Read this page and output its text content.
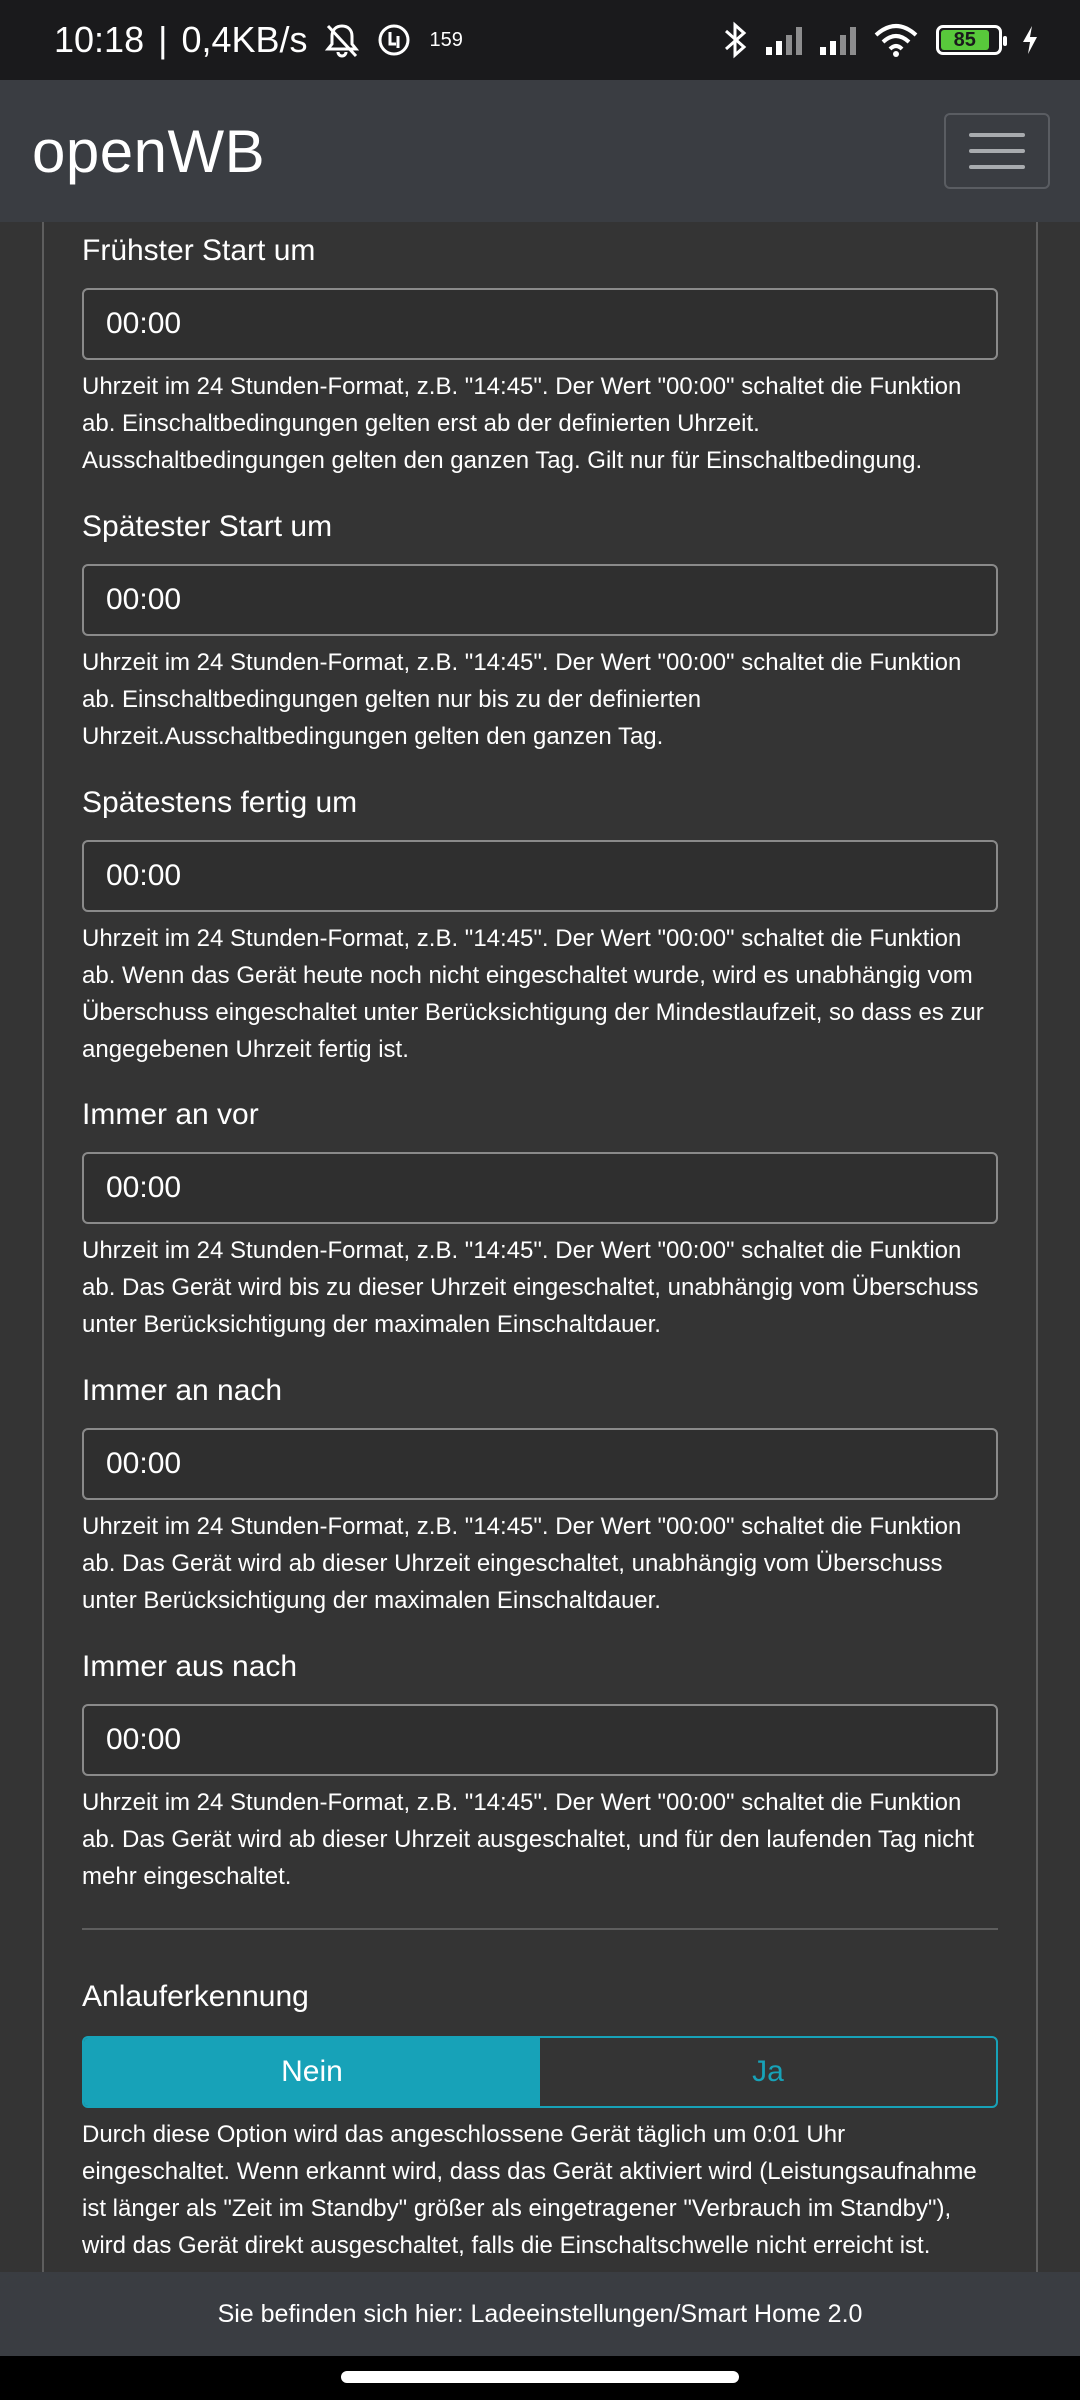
10:18 | 0,4KB/s	159	85
openWB
Frühster Start um
00:00
Uhrzeit im 24 Stunden-Format, z.B. "14:45". Der Wert "00:00" schaltet die Funktion ab. Einschaltbedingungen gelten erst ab der definierten Uhrzeit. Ausschaltbedingungen gelten den ganzen Tag. Gilt nur für Einschaltbedingung.
Spätester Start um
00:00
Uhrzeit im 24 Stunden-Format, z.B. "14:45". Der Wert "00:00" schaltet die Funktion ab. Einschaltbedingungen gelten nur bis zu der definierten Uhrzeit.Ausschaltbedingungen gelten den ganzen Tag.
Spätestens fertig um
00:00
Uhrzeit im 24 Stunden-Format, z.B. "14:45". Der Wert "00:00" schaltet die Funktion ab. Wenn das Gerät heute noch nicht eingeschaltet wurde, wird es unabhängig vom Überschuss eingeschaltet unter Berücksichtigung der Mindestlaufzeit, so dass es zur angegebenen Uhrzeit fertig ist.
Immer an vor
00:00
Uhrzeit im 24 Stunden-Format, z.B. "14:45". Der Wert "00:00" schaltet die Funktion ab. Das Gerät wird bis zu dieser Uhrzeit eingeschaltet, unabhängig vom Überschuss unter Berücksichtigung der maximalen Einschaltdauer.
Immer an nach
00:00
Uhrzeit im 24 Stunden-Format, z.B. "14:45". Der Wert "00:00" schaltet die Funktion ab. Das Gerät wird ab dieser Uhrzeit eingeschaltet, unabhängig vom Überschuss unter Berücksichtigung der maximalen Einschaltdauer.
Immer aus nach
00:00
Uhrzeit im 24 Stunden-Format, z.B. "14:45". Der Wert "00:00" schaltet die Funktion ab. Das Gerät wird ab dieser Uhrzeit ausgeschaltet, und für den laufenden Tag nicht mehr eingeschaltet.
Anlauferkennung
Nein	Ja
Durch diese Option wird das angeschlossene Gerät täglich um 0:01 Uhr eingeschaltet. Wenn erkannt wird, dass das Gerät aktiviert wird (Leistungsaufnahme ist länger als "Zeit im Standby" größer als eingetragener "Verbrauch im Standby"), wird das Gerät direkt ausgeschaltet, falls die Einschaltschwelle nicht erreicht ist.
Sie befinden sich hier: Ladeeinstellungen/Smart Home 2.0
